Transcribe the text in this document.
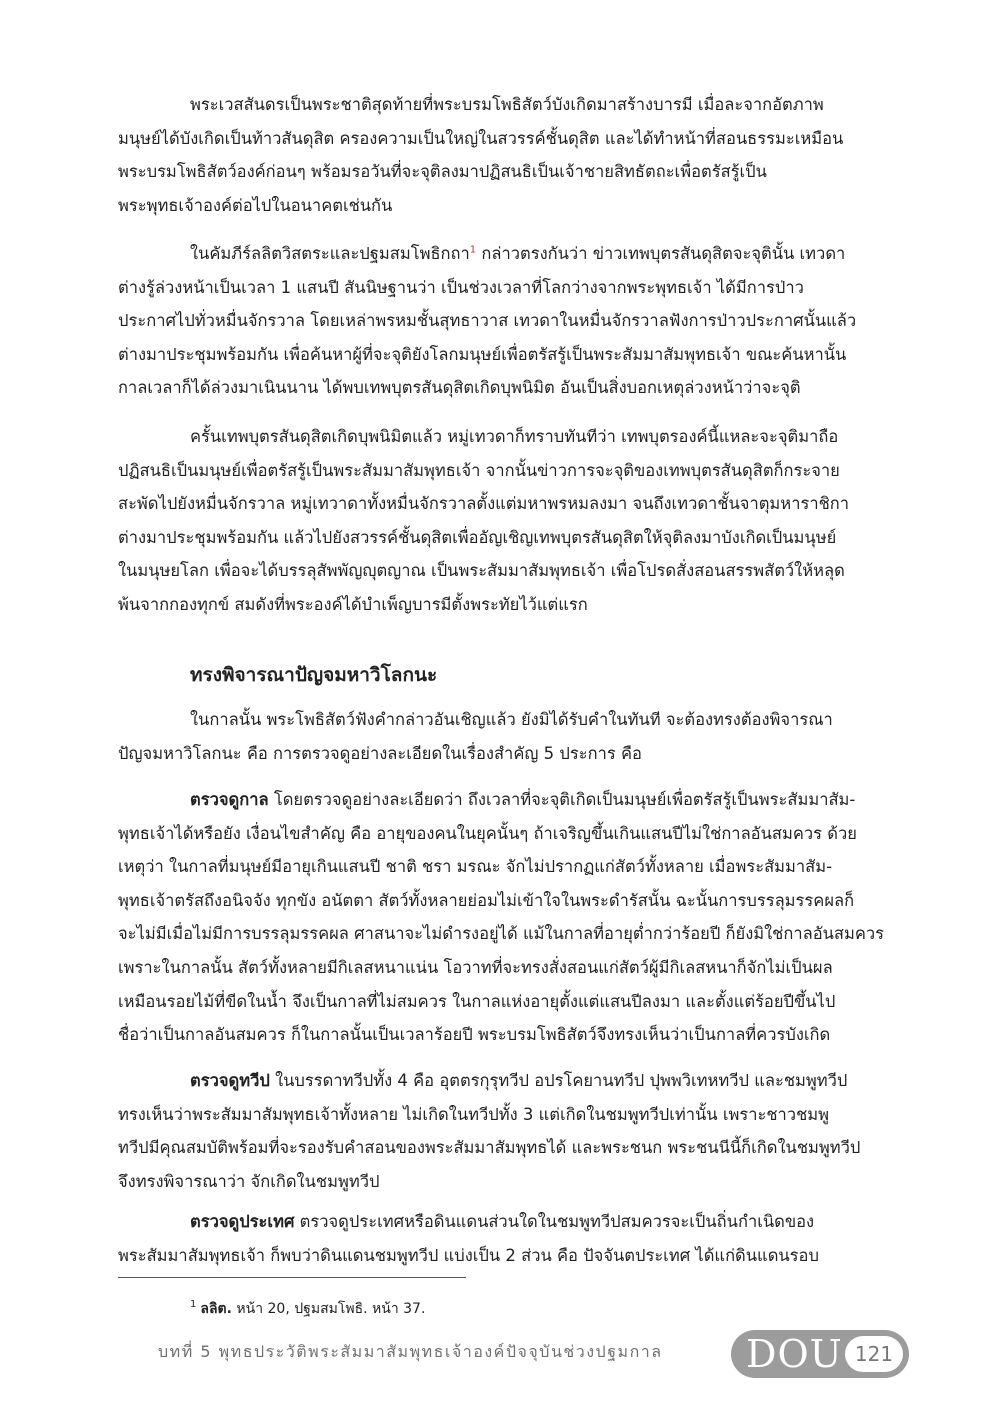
พระเวสสันดรเป็นพระชาติสุดท้ายที่พระบรมโพธิสัตว์บังเกิดมาสร้างบารมี เมื่อละจากอัตภาพ
มนุษย์ได้บังเกิดเป็นท้าวสันดุสิต ครองความเป็นใหญ่ในสวรรค์ชั้นดุสิต และได้ทำหน้าที่สอนธรรมะเหมือน
พระบรมโพธิสัตว์องค์ก่อนๆ พร้อมรอวันที่จะจุติลงมาปฏิสนธิเป็นเจ้าชายสิทธัตถะเพื่อตรัสรู้เป็น
พระพุทธเจ้าองค์ต่อไปในอนาคตเช่นกัน
ในคัมภีร์ลลิตวิสตระและปฐมสมโพธิกถา$^1$ กล่าวตรงกันว่า ข่าวเทพบุตรสันดุสิตจะจุตินั้น เทวดา
ต่างรู้ล่วงหน้าเป็นเวลา 1 แสนปี สันนิษฐานว่า เป็นช่วงเวลาที่โลกว่างจากพระพุทธเจ้า ได้มีการป่าว
ประกาศไปทั่วหมื่นจักรวาล โดยเหล่าพรหมชั้นสุทธาวาส เทวดาในหมื่นจักรวาลฟังการป่าวประกาศนั้นแล้ว
ต่างมาประชุมพร้อมกัน เพื่อค้นหาผู้ที่จะจุติยังโลกมนุษย์เพื่อตรัสรู้เป็นพระสัมมาสัมพุทธเจ้า ขณะค้นหานั้น
กาลเวลาก็ได้ล่วงมาเนินนาน ได้พบเทพบุตรสันดุสิตเกิดบุพนิมิต อันเป็นสิ่งบอกเหตุล่วงหน้าว่าจะจุติ
ครั้นเทพบุตรสันดุสิตเกิดบุพนิมิตแล้ว หมู่เทวดาก็ทราบทันทีว่า เทพบุตรองค์นี้แหละจะจุติมาถือ
ปฏิสนธิเป็นมนุษย์เพื่อตรัสรู้เป็นพระสัมมาสัมพุทธเจ้า จากนั้นข่าวการจะจุติของเทพบุตรสันดุสิตก็กระจาย
สะพัดไปยังหมื่นจักรวาล หมู่เทวาดาทั้งหมื่นจักรวาลตั้งแต่มหาพรหมลงมา จนถึงเทวดาชั้นจาตุมหาราชิกา
ต่างมาประชุมพร้อมกัน แล้วไปยังสวรรค์ชั้นดุสิตเพื่ออัญเชิญเทพบุตรสันดุสิตให้จุติลงมาบังเกิดเป็นมนุษย์
ในมนุษยโลก เพื่อจะได้บรรลุสัพพัญญุตญาณ เป็นพระสัมมาสัมพุทธเจ้า เพื่อโปรดสั่งสอนสรรพสัตว์ให้หลุด
พ้นจากกองทุกข์ สมดังที่พระองค์ได้บำเพ็ญบารมีตั้งพระทัยไว้แต่แรก
ทรงพิจารณาปัญจมหาวิโลกนะ
ในกาลนั้น พระโพธิสัตว์ฟังคำกล่าวอันเชิญแล้ว ยังมิได้รับคำในทันที จะต้องทรงต้องพิจารณา
ปัญจมหาวิโลกนะ คือ การตรวจดูอย่างละเอียดในเรื่องสำคัญ 5 ประการ คือ
ตรวจดูกาล โดยตรวจดูอย่างละเอียดว่า ถึงเวลาที่จะจุติเกิดเป็นมนุษย์เพื่อตรัสรู้เป็นพระสัมมาสัม-
พุทธเจ้าได้หรือยัง เงื่อนไขสำคัญ คือ อายุของคนในยุคนั้นๆ ถ้าเจริญขึ้นเกินแสนปีไม่ใช่กาลอันสมควร ด้วย
เหตุว่า ในกาลที่มนุษย์มีอายุเกินแสนปี ชาติ ชรา มรณะ จักไม่ปรากฏแก่สัตว์ทั้งหลาย เมื่อพระสัมมาสัม-
พุทธเจ้าตรัสถึงอนิจจัง ทุกขัง อนัตตา สัตว์ทั้งหลายย่อมไม่เข้าใจในพระดำรัสนั้น ฉะนั้นการบรรลุมรรคผลก็
จะไม่มีเมื่อไม่มีการบรรลุมรรคผล ศาสนาจะไม่ดำรงอยู่ได้ แม้ในกาลที่อายุต่ำกว่าร้อยปี ก็ยังมิใช่กาลอันสมควร
เพราะในกาลนั้น สัตว์ทั้งหลายมีกิเลสหนาแน่น โอวาทที่จะทรงสั่งสอนแก่สัตว์ผู้มีกิเลสหนาก็จักไม่เป็นผล
เหมือนรอยไม้ที่ขีดในน้ำ จึงเป็นกาลที่ไม่สมควร ในกาลแห่งอายุตั้งแต่แสนปีลงมา และตั้งแต่ร้อยปีขึ้นไป
ชื่อว่าเป็นกาลอันสมควร ก็ในกาลนั้นเป็นเวลาร้อยปี พระบรมโพธิสัตว์จึงทรงเห็นว่าเป็นกาลที่ควรบังเกิด
ตรวจดูทวีป ในบรรดาทวีปทั้ง 4 คือ อุตตรกุรุทวีป อปรโคยานทวีป ปุพพวิเทหทวีป และชมพูทวีป
ทรงเห็นว่าพระสัมมาสัมพุทธเจ้าทั้งหลาย ไม่เกิดในทวีปทั้ง 3 แต่เกิดในชมพูทวีปเท่านั้น เพราะชาวชมพู
ทวีปมีคุณสมบัติพร้อมที่จะรองรับคำสอนของพระสัมมาสัมพุทธได้ และพระชนก พระชนนีนี้ก็เกิดในชมพูทวีป
จึงทรงพิจารณาว่า จักเกิดในชมพูทวีป
ตรวจดูประเทศ ตรวจดูประเทศหรือดินแดนส่วนใดในชมพูทวีปสมควรจะเป็นถิ่นกำเนิดของ
พระสัมมาสัมพุทธเจ้า ก็พบว่าดินแดนชมพูทวีป แบ่งเป็น 2 ส่วน คือ ปัจจันตประเทศ ได้แก่ดินแดนรอบ

$^1$ ลลิต. หน้า 20, ปฐมสมโพธิ. หน้า 37.

บทที่ 5 พุทธประวัติพระสัมมาสัมพุทธเจ้าองค์ปัจจุบันช่วงปฐมกาล DOU 121
